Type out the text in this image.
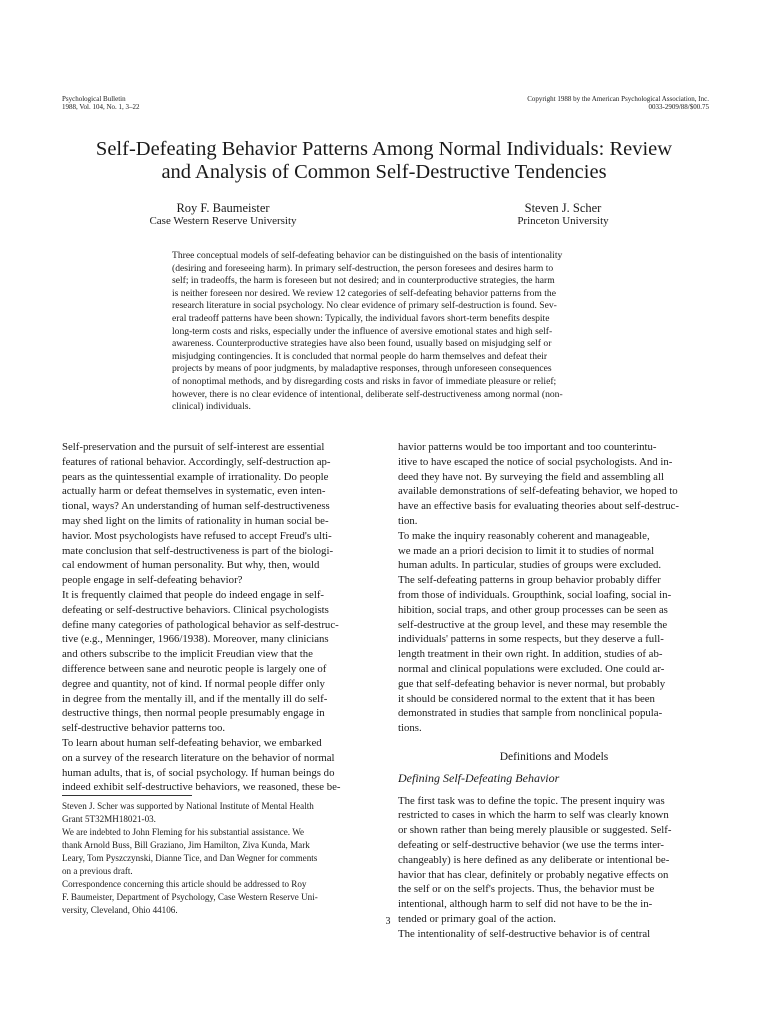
Psychological Bulletin
1988, Vol. 104, No. 1, 3–22
Copyright 1988 by the American Psychological Association, Inc.
0033-2909/88/$00.75
Self-Defeating Behavior Patterns Among Normal Individuals: Review
and Analysis of Common Self-Destructive Tendencies
Roy F. Baumeister
Case Western Reserve University
Steven J. Scher
Princeton University
Three conceptual models of self-defeating behavior can be distinguished on the basis of intentionality
(desiring and foreseeing harm). In primary self-destruction, the person foresees and desires harm to
self; in tradeoffs, the harm is foreseen but not desired; and in counterproductive strategies, the harm
is neither foreseen nor desired. We review 12 categories of self-defeating behavior patterns from the
research literature in social psychology. No clear evidence of primary self-destruction is found. Sev-
eral tradeoff patterns have been shown: Typically, the individual favors short-term benefits despite
long-term costs and risks, especially under the influence of aversive emotional states and high self-
awareness. Counterproductive strategies have also been found, usually based on misjudging self or
misjudging contingencies. It is concluded that normal people do harm themselves and defeat their
projects by means of poor judgments, by maladaptive responses, through unforeseen consequences
of nonoptimal methods, and by disregarding costs and risks in favor of immediate pleasure or relief;
however, there is no clear evidence of intentional, deliberate self-destructiveness among normal (non-
clinical) individuals.
Self-preservation and the pursuit of self-interest are essential
features of rational behavior. Accordingly, self-destruction ap-
pears as the quintessential example of irrationality. Do people
actually harm or defeat themselves in systematic, even inten-
tional, ways? An understanding of human self-destructiveness
may shed light on the limits of rationality in human social be-
havior. Most psychologists have refused to accept Freud's ulti-
mate conclusion that self-destructiveness is part of the biologi-
cal endowment of human personality. But why, then, would
people engage in self-defeating behavior?
It is frequently claimed that people do indeed engage in self-
defeating or self-destructive behaviors. Clinical psychologists
define many categories of pathological behavior as self-destruc-
tive (e.g., Menninger, 1966/1938). Moreover, many clinicians
and others subscribe to the implicit Freudian view that the
difference between sane and neurotic people is largely one of
degree and quantity, not of kind. If normal people differ only
in degree from the mentally ill, and if the mentally ill do self-
destructive things, then normal people presumably engage in
self-destructive behavior patterns too.
To learn about human self-defeating behavior, we embarked
on a survey of the research literature on the behavior of normal
human adults, that is, of social psychology. If human beings do
indeed exhibit self-destructive behaviors, we reasoned, these be-
Steven J. Scher was supported by National Institute of Mental Health
Grant 5T32MH18021-03.
We are indebted to John Fleming for his substantial assistance. We
thank Arnold Buss, Bill Graziano, Jim Hamilton, Ziva Kunda, Mark
Leary, Tom Pyszczynski, Dianne Tice, and Dan Wegner for comments
on a previous draft.
Correspondence concerning this article should be addressed to Roy
F. Baumeister, Department of Psychology, Case Western Reserve Uni-
versity, Cleveland, Ohio 44106.
havior patterns would be too important and too counterintu-
itive to have escaped the notice of social psychologists. And in-
deed they have not. By surveying the field and assembling all
available demonstrations of self-defeating behavior, we hoped to
have an effective basis for evaluating theories about self-destruc-
tion.
To make the inquiry reasonably coherent and manageable,
we made an a priori decision to limit it to studies of normal
human adults. In particular, studies of groups were excluded.
The self-defeating patterns in group behavior probably differ
from those of individuals. Groupthink, social loafing, social in-
hibition, social traps, and other group processes can be seen as
self-destructive at the group level, and these may resemble the
individuals' patterns in some respects, but they deserve a full-
length treatment in their own right. In addition, studies of ab-
normal and clinical populations were excluded. One could ar-
gue that self-defeating behavior is never normal, but probably
it should be considered normal to the extent that it has been
demonstrated in studies that sample from nonclinical popula-
tions.
Definitions and Models
Defining Self-Defeating Behavior
The first task was to define the topic. The present inquiry was
restricted to cases in which the harm to self was clearly known
or shown rather than being merely plausible or suggested. Self-
defeating or self-destructive behavior (we use the terms inter-
changeably) is here defined as any deliberate or intentional be-
havior that has clear, definitely or probably negative effects on
the self or on the self's projects. Thus, the behavior must be
intentional, although harm to self did not have to be the in-
tended or primary goal of the action.
The intentionality of self-destructive behavior is of central
3
